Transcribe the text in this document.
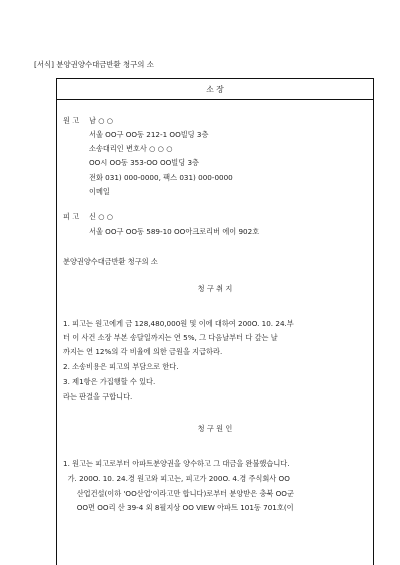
[서식] 분양권양수대금반환 청구의 소
소 장
원 고 남 ○ ○
서울 OO구 OO동 212-1 OO빌딩 3층
소송대리인 변호사 ○ ○ ○
OO시 OO동 353-OO OO빌딩 3층
전화 031) 000-0000, 팩스 031) 000-0000
이메일
피 고 신 ○ ○
서울 OO구 OO동 589-10 OO아크로리버 에이 902호
분양권양수대금반환 청구의 소
청 구 취 지
1. 피고는 원고에게 금 128,480,000원 및 이에 대하여 200O. 10. 24.부
터 이 사건 소장 부본 송달일까지는 연 5%, 그 다음날부터 다 갚는 날
까지는 연 12%의 각 비율에 의한 금원을 지급하라.
2. 소송비용은 피고의 부담으로 한다.
3. 제1항은 가집행할 수 있다.
라는 판결을 구합니다.
청 구 원 인
1. 원고는 피고로부터 아파트분양권을 양수하고 그 대금을 완불했습니다.
가. 200O. 10. 24.경 원고와 피고는, 피고가 200O. 4.경 주식회사 OO
산업건설(이하 'OO산업'이라고만 합니다)로부터 분양받은 충북 OO군
OO면 OO리 산 39-4 외 8필지상 OO VIEW 아파트 101동 701호(이
